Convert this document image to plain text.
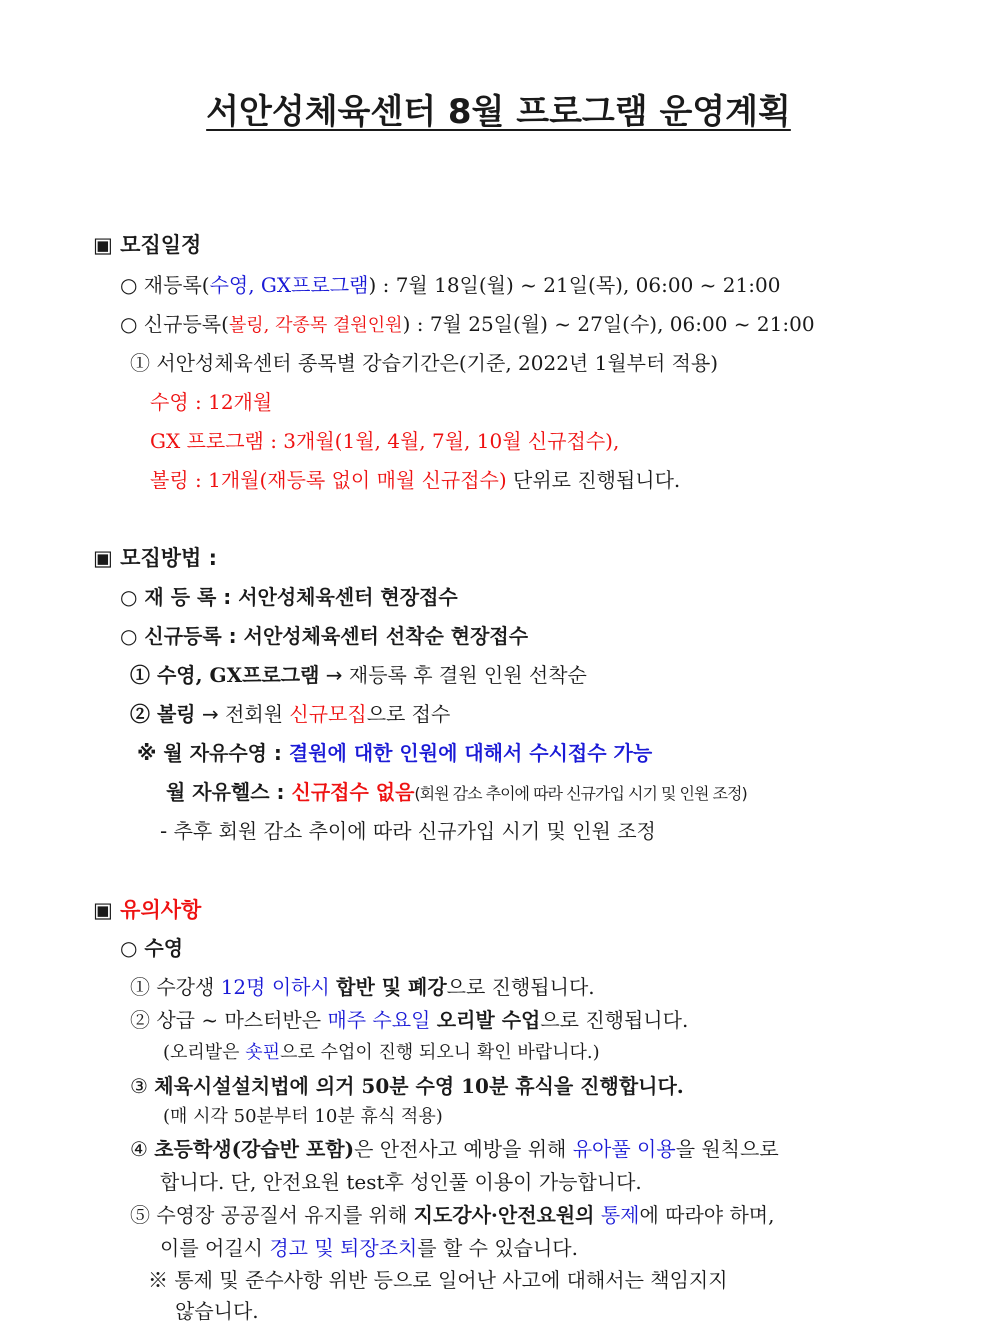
서안성체육센터 8월 프로그램 운영계획
▣ 모집일정
○ 재등록(수영, GX프로그램) : 7월 18일(월) ~ 21일(목), 06:00 ~ 21:00
○ 신규등록(볼링, 각종목 결원인원) : 7월 25일(월) ~ 27일(수), 06:00 ~ 21:00
① 서안성체육센터 종목별 강습기간은(기준, 2022년 1월부터 적용)
수영 : 12개월
GX 프로그램 : 3개월(1월, 4월, 7월, 10월 신규접수),
볼링 : 1개월(재등록 없이 매월 신규접수) 단위로 진행됩니다.
▣ 모집방법 :
○ 재 등 록 : 서안성체육센터 현장접수
○ 신규등록 : 서안성체육센터 선착순 현장접수
① 수영, GX프로그램 → 재등록 후 결원 인원 선착순
② 볼링 → 전회원 신규모집으로 접수
※ 월 자유수영 : 결원에 대한 인원에 대해서 수시접수 가능
월 자유헬스 : 신규접수 없음(회원 감소 추이에 따라 신규가입 시기 및 인원 조정)
- 추후 회원 감소 추이에 따라 신규가입 시기 및 인원 조정
▣ 유의사항
○ 수영
① 수강생 12명 이하시 합반 및 폐강으로 진행됩니다.
② 상급 ~ 마스터반은 매주 수요일 오리발 수업으로 진행됩니다.
(오리발은 숏핀으로 수업이 진행 되오니 확인 바랍니다.)
③ 체육시설설치법에 의거 50분 수영 10분 휴식을 진행합니다.
(매 시각 50분부터 10분 휴식 적용)
④ 초등학생(강습반 포함)은 안전사고 예방을 위해 유아풀 이용을 원칙으로
합니다. 단, 안전요원 test후 성인풀 이용이 가능합니다.
⑤ 수영장 공공질서 유지를 위해 지도강사·안전요원의 통제에 따라야 하며,
이를 어길시 경고 및 퇴장조치를 할 수 있습니다.
※ 통제 및 준수사항 위반 등으로 일어난 사고에 대해서는 책임지지
않습니다.
